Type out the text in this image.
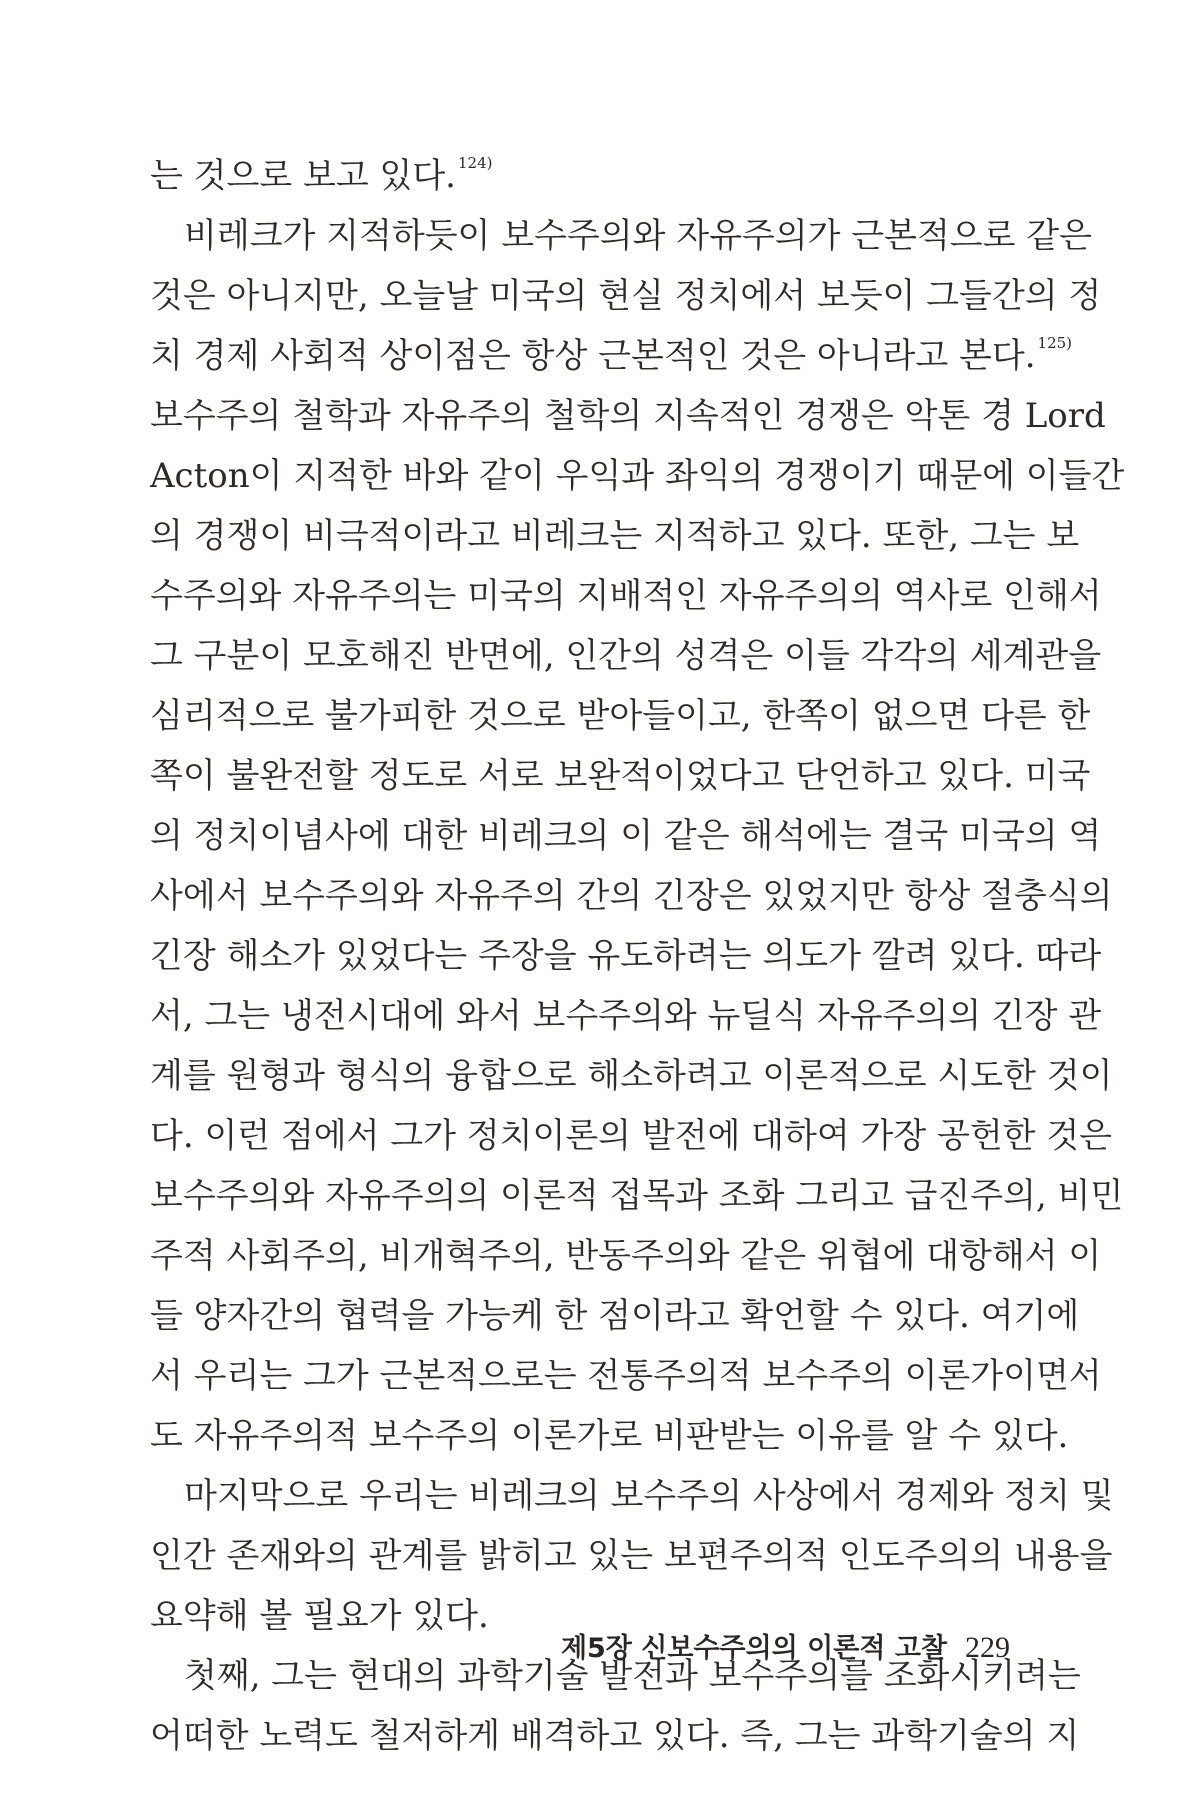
는 것으로 보고 있다. $^{124)}$
비레크가 지적하듯이 보수주의와 자유주의가 근본적으로 같은
것은 아니지만, 오늘날 미국의 현실 정치에서 보듯이 그들간의 정
치 경제 사회적 상이점은 항상 근본적인 것은 아니라고 본다. $^{125)}$
보수주의 철학과 자유주의 철학의 지속적인 경쟁은 악톤 경 Lord
Acton이 지적한 바와 같이 우익과 좌익의 경쟁이기 때문에 이들간
의 경쟁이 비극적이라고 비레크는 지적하고 있다. 또한, 그는 보
수주의와 자유주의는 미국의 지배적인 자유주의의 역사로 인해서
그 구분이 모호해진 반면에, 인간의 성격은 이들 각각의 세계관을
심리적으로 불가피한 것으로 받아들이고, 한쪽이 없으면 다른 한
쪽이 불완전할 정도로 서로 보완적이었다고 단언하고 있다. 미국
의 정치이념사에 대한 비레크의 이 같은 해석에는 결국 미국의 역
사에서 보수주의와 자유주의 간의 긴장은 있었지만 항상 절충식의
긴장 해소가 있었다는 주장을 유도하려는 의도가 깔려 있다. 따라
서, 그는 냉전시대에 와서 보수주의와 뉴딜식 자유주의의 긴장 관
계를 원형과 형식의 융합으로 해소하려고 이론적으로 시도한 것이
다. 이런 점에서 그가 정치이론의 발전에 대하여 가장 공헌한 것은
보수주의와 자유주의의 이론적 접목과 조화 그리고 급진주의, 비민
주적 사회주의, 비개혁주의, 반동주의와 같은 위협에 대항해서 이
들 양자간의 협력을 가능케 한 점이라고 확언할 수 있다. 여기에
서 우리는 그가 근본적으로는 전통주의적 보수주의 이론가이면서
도 자유주의적 보수주의 이론가로 비판받는 이유를 알 수 있다.
마지막으로 우리는 비레크의 보수주의 사상에서 경제와 정치 및
인간 존재와의 관계를 밝히고 있는 보편주의적 인도주의의 내용을
요약해 볼 필요가 있다.
첫째, 그는 현대의 과학기술 발전과 보수주의를 조화시키려는
어떠한 노력도 철저하게 배격하고 있다. 즉, 그는 과학기술의 지
제5장 신보수주의의 이론적 고찰 229
